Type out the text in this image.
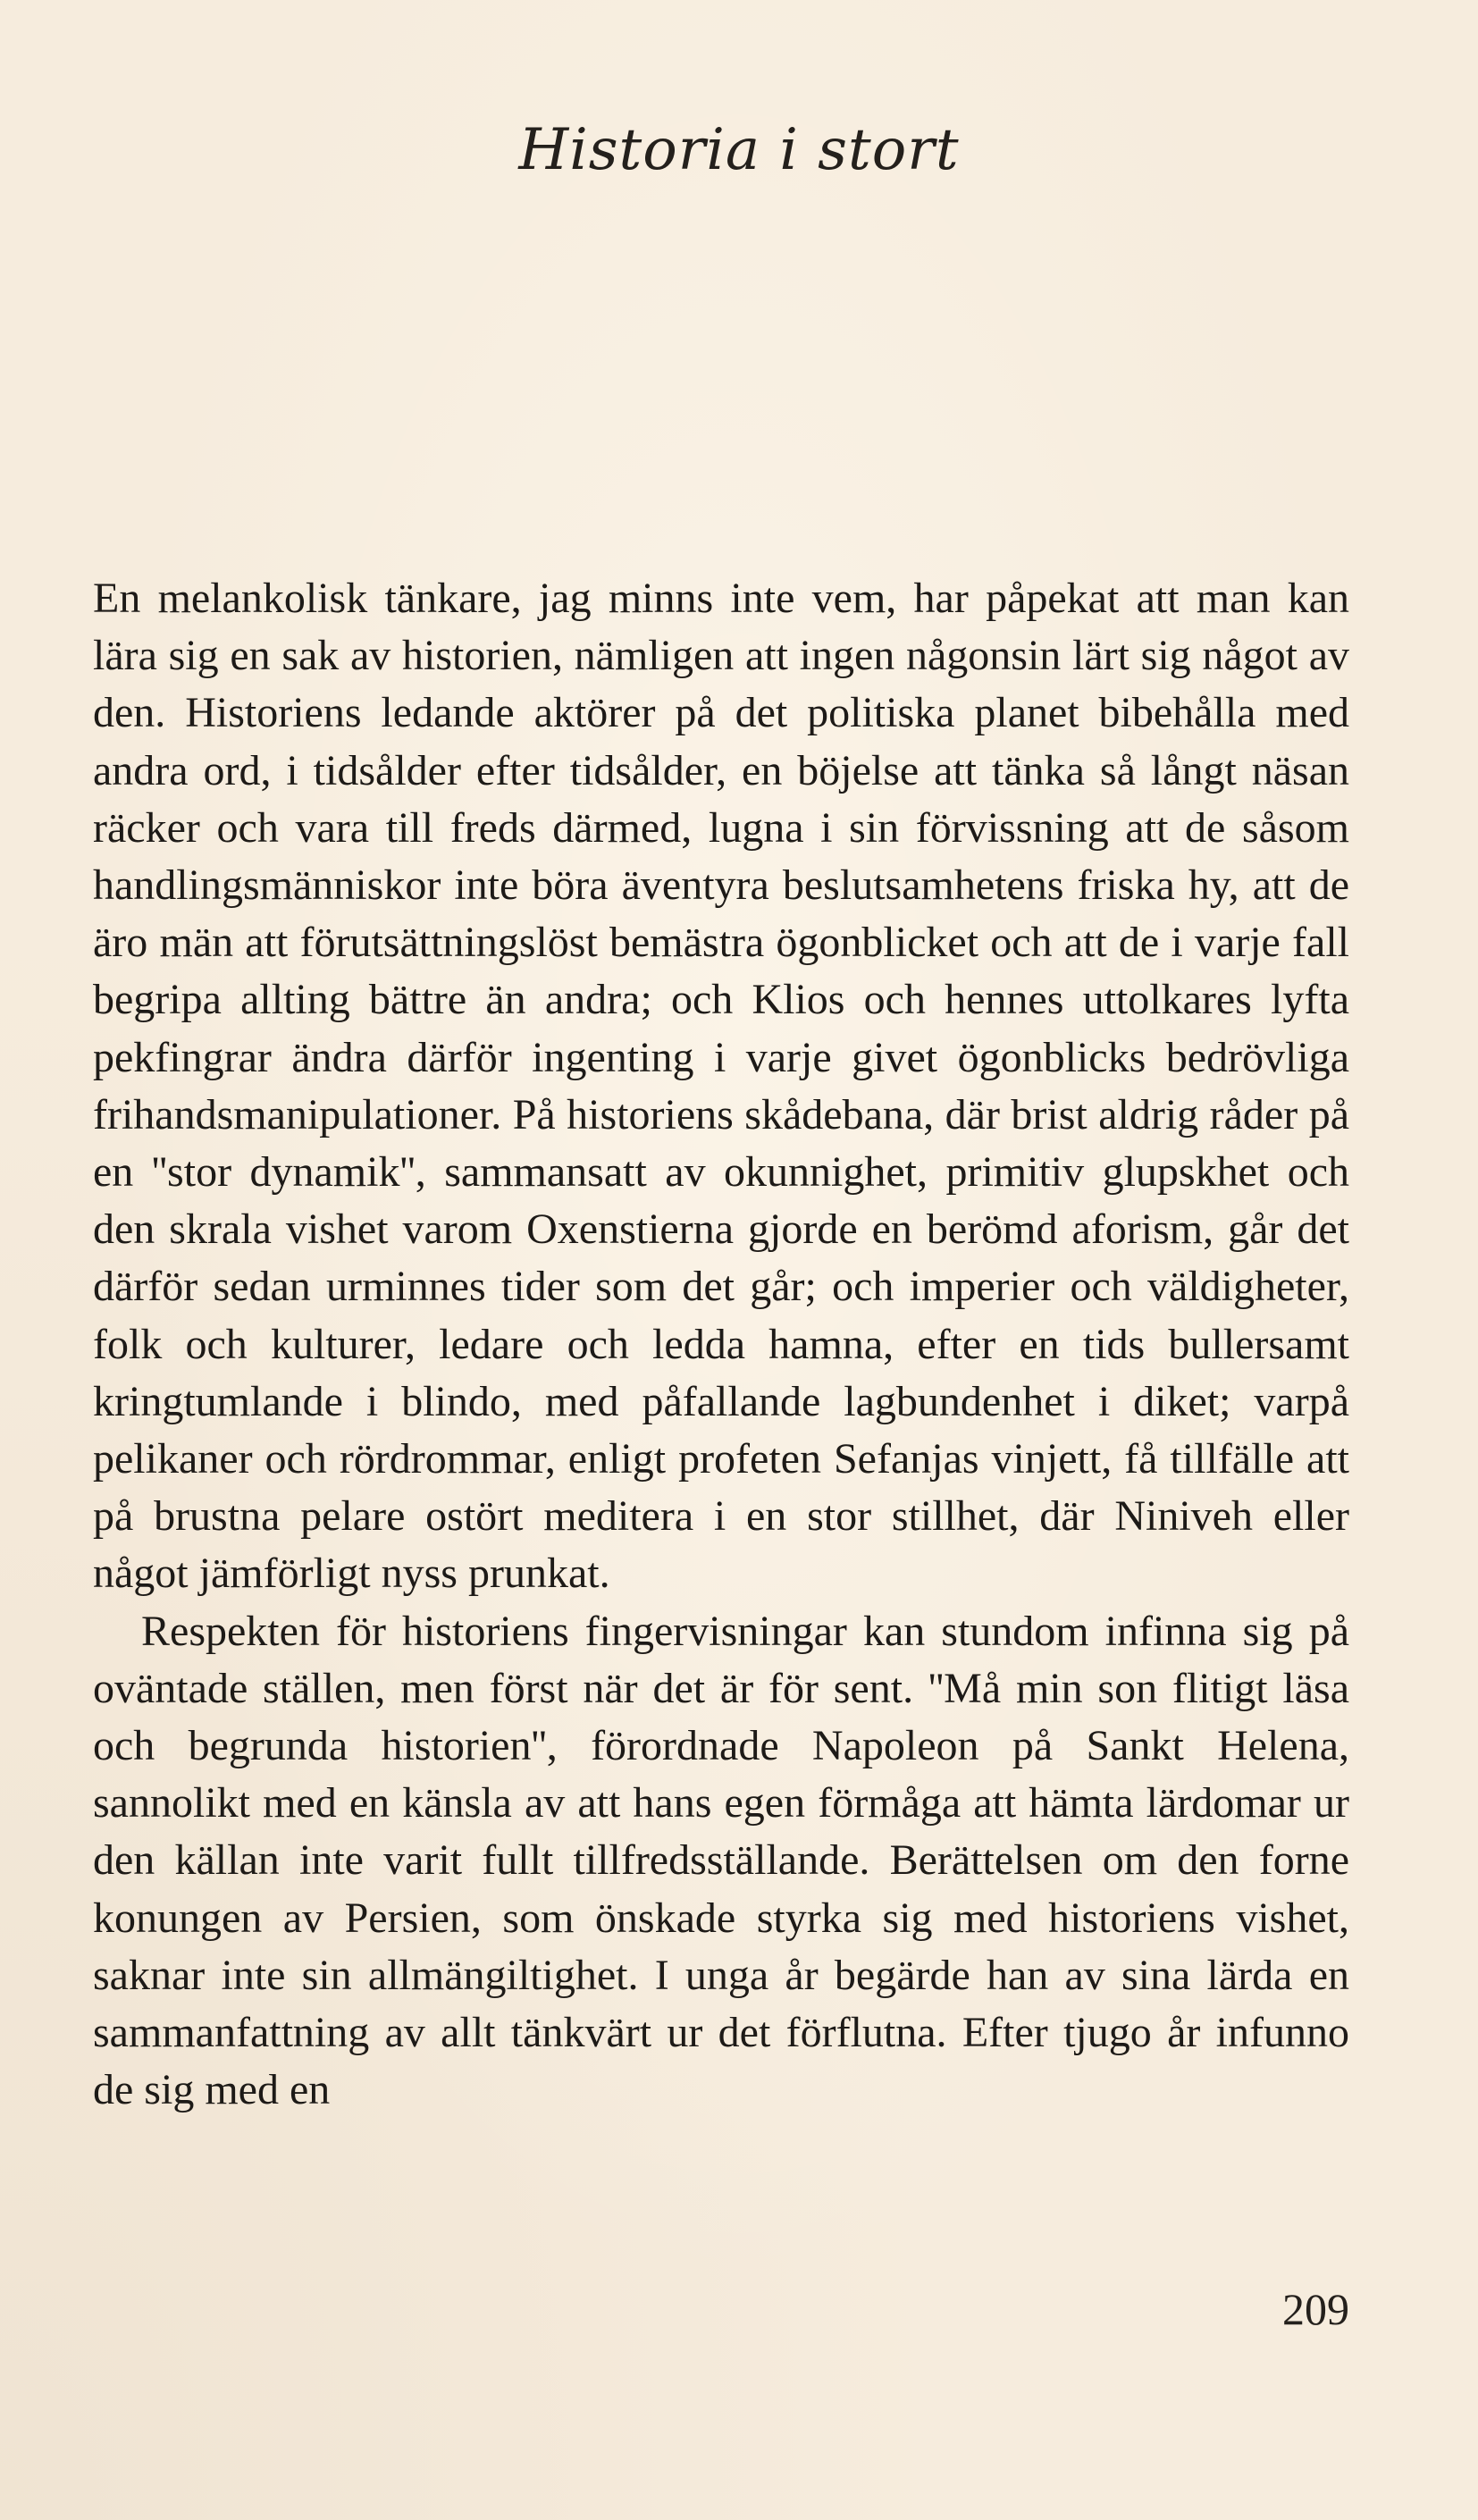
Historia i stort

En melankolisk tänkare, jag minns inte vem, har påpekat att man kan lära sig en sak av historien, nämligen att ingen någonsin lärt sig något av den. Historiens ledande aktörer på det politiska planet bibehålla med andra ord, i tidsålder efter tidsålder, en böjelse att tänka så långt näsan räcker och vara till freds därmed, lugna i sin förvissning att de såsom handlingsmänniskor inte böra äventyra beslutsamhetens friska hy, att de äro män att förutsättningslöst bemästra ögonblicket och att de i varje fall begripa allting bättre än andra; och Klios och hennes uttolkares lyfta pekfingrar ändra därför ingenting i varje givet ögonblicks bedrövliga frihandsmanipulationer. På historiens skådebana, där brist aldrig råder på en ''stor dynamik'', sammansatt av okunnighet, primitiv glupskhet och den skrala vishet varom Oxenstierna gjorde en berömd aforism, går det därför sedan urminnes tider som det går; och imperier och väldigheter, folk och kulturer, ledare och ledda hamna, efter en tids bullersamt kringtumlande i blindo, med påfallande lagbundenhet i diket; varpå pelikaner och rördrommar, enligt profeten Sefanjas vinjett, få tillfälle att på brustna pelare ostört meditera i en stor stillhet, där Niniveh eller något jämförligt nyss prunkat.

Respekten för historiens fingervisningar kan stundom infinna sig på oväntade ställen, men först när det är för sent. ''Må min son flitigt läsa och begrunda historien'', förordnade Napoleon på Sankt Helena, sannolikt med en känsla av att hans egen förmåga att hämta lärdomar ur den källan inte varit fullt tillfredsställande. Berättelsen om den forne konungen av Persien, som önskade styrka sig med historiens vishet, saknar inte sin allmängiltighet. I unga år begärde han av sina lärda en sammanfattning av allt tänkvärt ur det förflutna. Efter tjugo år infunno de sig med en

209
